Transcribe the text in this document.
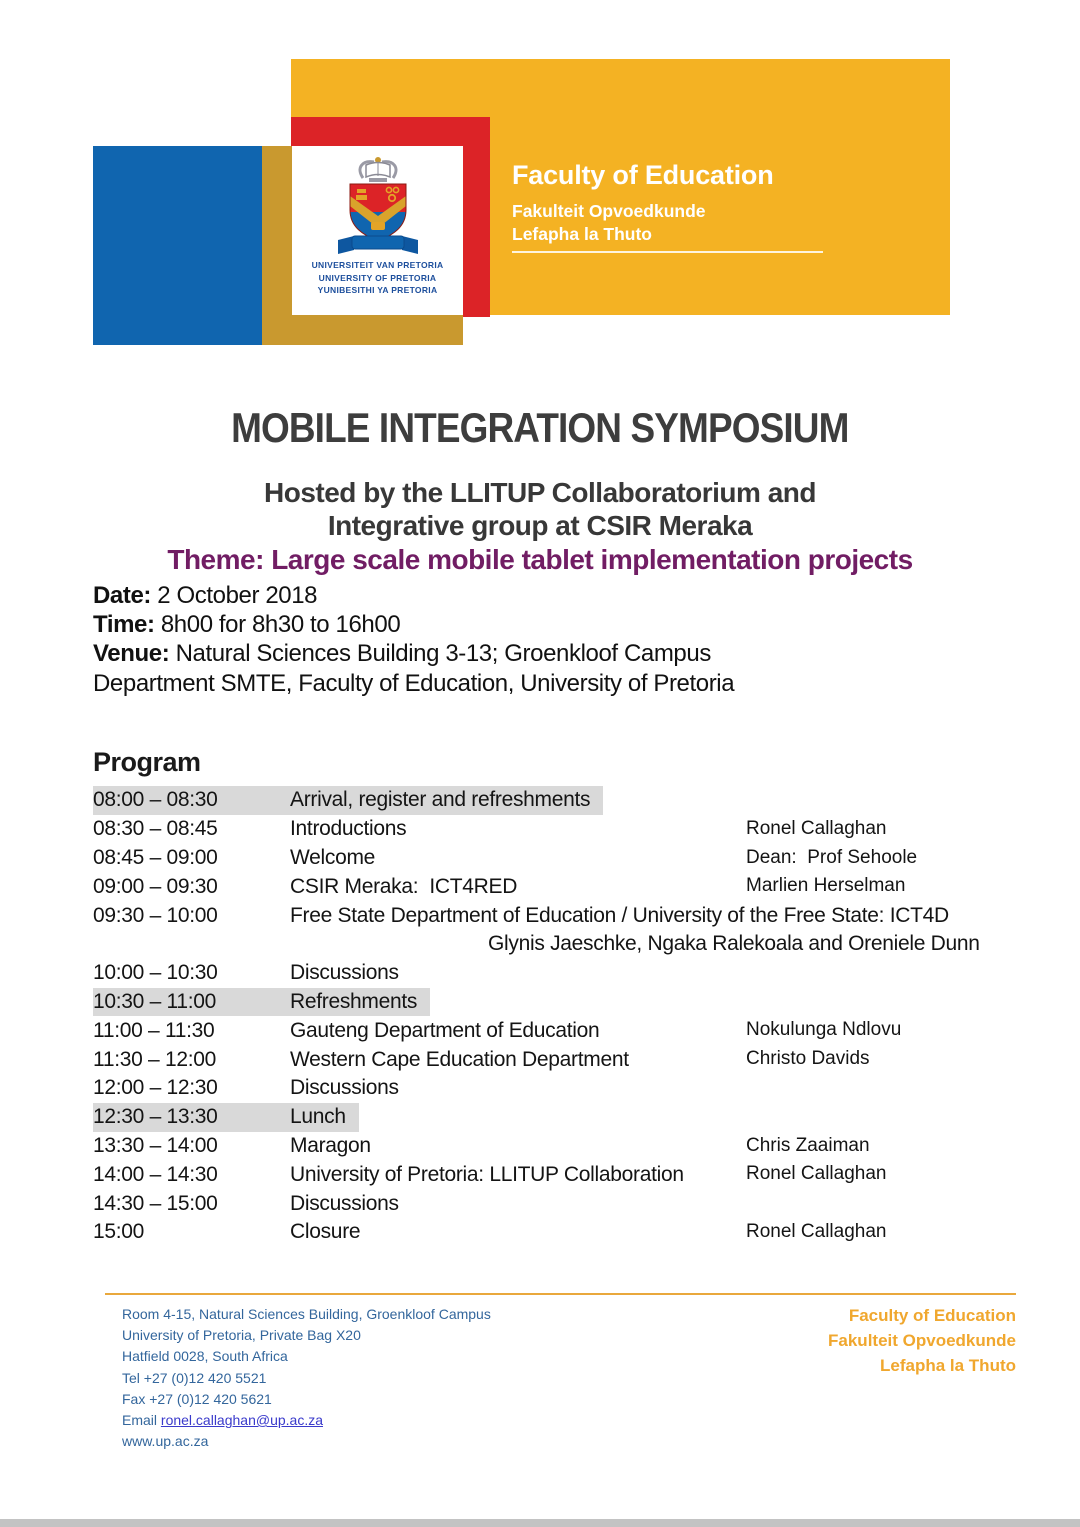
UNIVERSITEIT VAN PRETORIA
UNIVERSITY OF PRETORIA
YUNIBESITHI YA PRETORIA
Faculty of Education
Fakulteit Opvoedkunde
Lefapha la Thuto
MOBILE INTEGRATION SYMPOSIUM
Hosted by the LLITUP Collaboratorium and
Integrative group at CSIR Meraka
Theme: Large scale mobile tablet implementation projects
Date: 2 October 2018
Time: 8h00 for 8h30 to 16h00
Venue: Natural Sciences Building 3-13; Groenkloof Campus
Department SMTE, Faculty of Education, University of Pretoria
Program
08:00 – 08:30	Arrival, register and refreshments
08:30 – 08:45	Introductions	Ronel Callaghan
08:45 – 09:00	Welcome	Dean:  Prof Sehoole
09:00 – 09:30	CSIR Meraka:  ICT4RED	Marlien Herselman
09:30 – 10:00	Free State Department of Education / University of the Free State: ICT4D
Glynis Jaeschke, Ngaka Ralekoala and Oreniele Dunn
10:00 – 10:30	Discussions
10:30 – 11:00	Refreshments
11:00 – 11:30	Gauteng Department of Education	Nokulunga Ndlovu
11:30 – 12:00	Western Cape Education Department	Christo Davids
12:00 – 12:30	Discussions
12:30 – 13:30	Lunch
13:30 – 14:00	Maragon	Chris Zaaiman
14:00 – 14:30	University of Pretoria: LLITUP Collaboration	Ronel Callaghan
14:30 – 15:00	Discussions
15:00	Closure	Ronel Callaghan
Room 4-15, Natural Sciences Building, Groenkloof Campus
University of Pretoria, Private Bag X20
Hatfield 0028, South Africa
Tel +27 (0)12 420 5521
Fax +27 (0)12 420 5621
Email ronel.callaghan@up.ac.za
www.up.ac.za
Faculty of Education
Fakulteit Opvoedkunde
Lefapha la Thuto
